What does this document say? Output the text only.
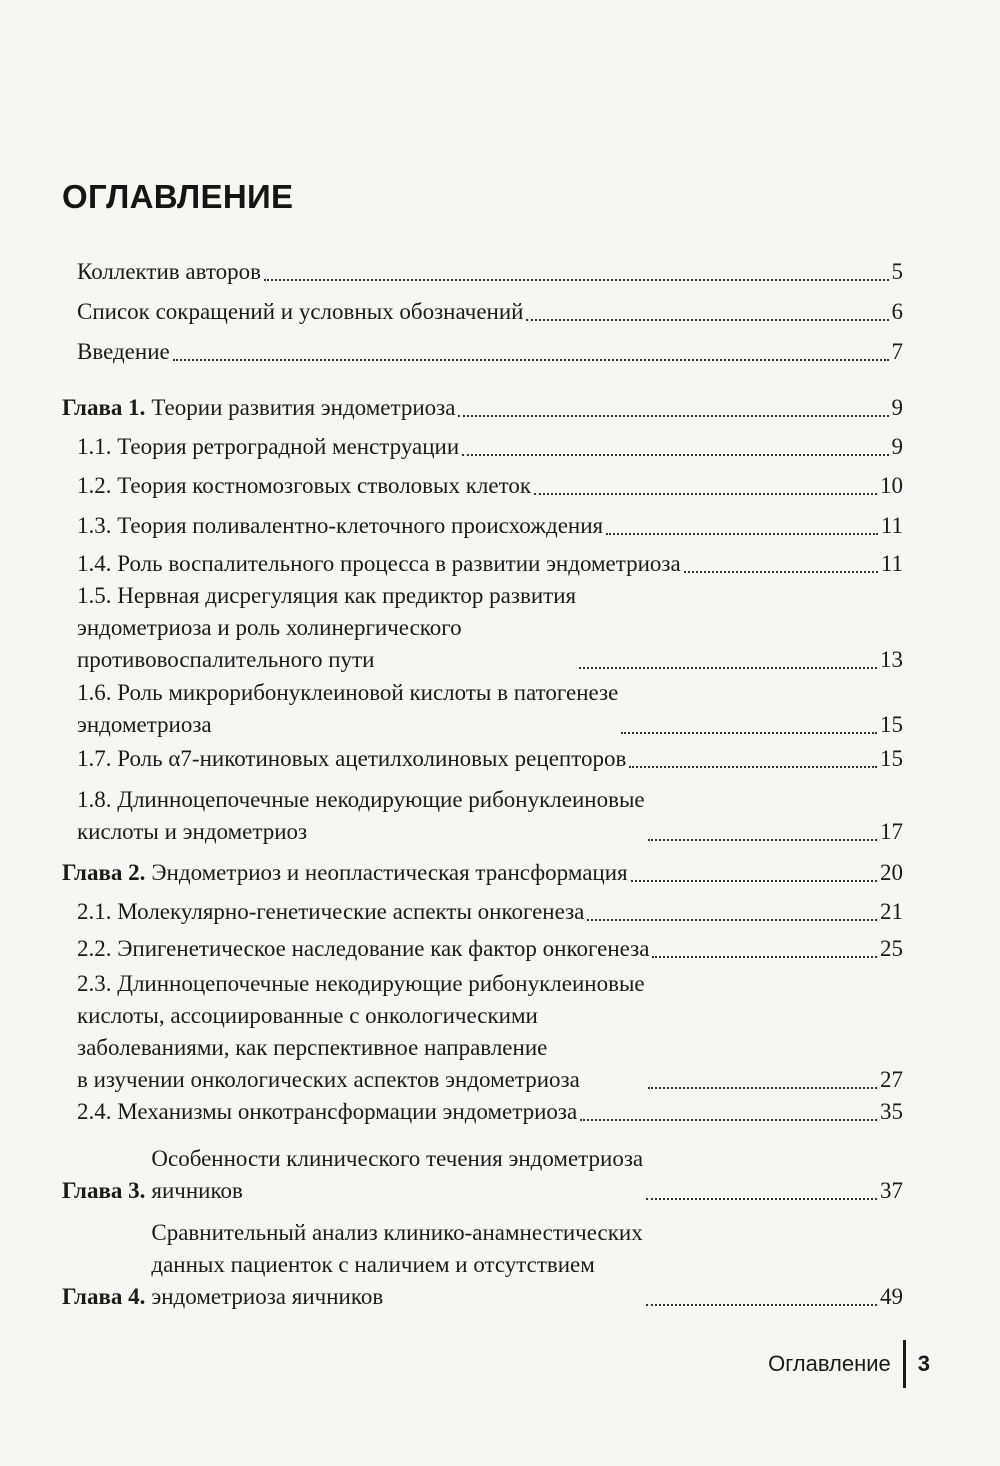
ОГЛАВЛЕНИЕ
Коллектив авторов	5
Список сокращений и условных обозначений	6
Введение	7
Глава 1. Теории развития эндометриоза	9
1.1. Теория ретроградной менструации	9
1.2. Теория костномозговых стволовых клеток	10
1.3. Теория поливалентно-клеточного происхождения	11
1.4. Роль воспалительного процесса в развитии эндометриоза	11
1.5. Нервная дисрегуляция как предиктор развития
эндометриоза и роль холинергического
противовоспалительного пути	13
1.6. Роль микрорибонуклеиновой кислоты в патогенезе
эндометриоза	15
1.7. Роль α7-никотиновых ацетилхолиновых рецепторов	15
1.8. Длинноцепочечные некодирующие рибонуклеиновые
кислоты и эндометриоз	17
Глава 2. Эндометриоз и неопластическая трансформация	20
2.1. Молекулярно-генетические аспекты онкогенеза	21
2.2. Эпигенетическое наследование как фактор онкогенеза	25
2.3. Длинноцепочечные некодирующие рибонуклеиновые
кислоты, ассоциированные с онкологическими
заболеваниями, как перспективное направление
в изучении онкологических аспектов эндометриоза	27
2.4. Механизмы онкотрансформации эндометриоза	35
Глава 3.
Особенности клинического течения эндометриоза
яичников	37
Глава 4.
Сравнительный анализ клинико-анамнестических
данных пациенток с наличием и отсутствием
эндометриоза яичников	49
Оглавление 3
